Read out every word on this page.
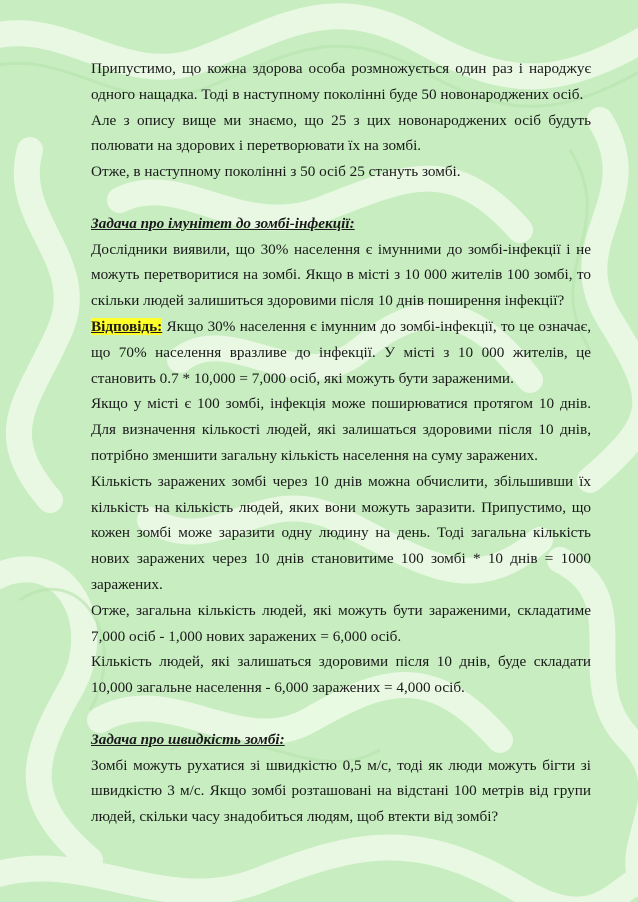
Припустимо, що кожна здорова особа розмножується один раз і народжує одного нащадка. Тоді в наступному поколінні буде 50 новонароджених осіб.

Але з опису вище ми знаємо, що 25 з цих новонароджених осіб будуть полювати на здорових і перетворювати їх на зомбі.

Отже, в наступному поколінні з 50 осіб 25 стануть зомбі.

Задача про імунітет до зомбі-інфекції:

Дослідники виявили, що 30% населення є імунними до зомбі-інфекції і не можуть перетворитися на зомбі. Якщо в місті з 10 000 жителів 100 зомбі, то скільки людей залишиться здоровими після 10 днів поширення інфекції?

Відповідь: Якщо 30% населення є імунним до зомбі-інфекції, то це означає, що 70% населення вразливе до інфекції. У місті з 10 000 жителів, це становить 0.7 * 10,000 = 7,000 осіб, які можуть бути зараженими.

Якщо у місті є 100 зомбі, інфекція може поширюватися протягом 10 днів. Для визначення кількості людей, які залишаться здоровими після 10 днів, потрібно зменшити загальну кількість населення на суму заражених.

Кількість заражених зомбі через 10 днів можна обчислити, збільшивши їх кількість на кількість людей, яких вони можуть заразити. Припустимо, що кожен зомбі може заразити одну людину на день. Тоді загальна кількість нових заражених через 10 днів становитиме 100 зомбі * 10 днів = 1000 заражених.

Отже, загальна кількість людей, які можуть бути зараженими, складатиме 7,000 осіб - 1,000 нових заражених = 6,000 осіб.

Кількість людей, які залишаться здоровими після 10 днів, буде складати 10,000 загальне населення - 6,000 заражених = 4,000 осіб.

Задача про швидкість зомбі:

Зомбі можуть рухатися зі швидкістю 0,5 м/с, тоді як люди можуть бігти зі швидкістю 3 м/с. Якщо зомбі розташовані на відстані 100 метрів від групи людей, скільки часу знадобиться людям, щоб втекти від зомбі?
